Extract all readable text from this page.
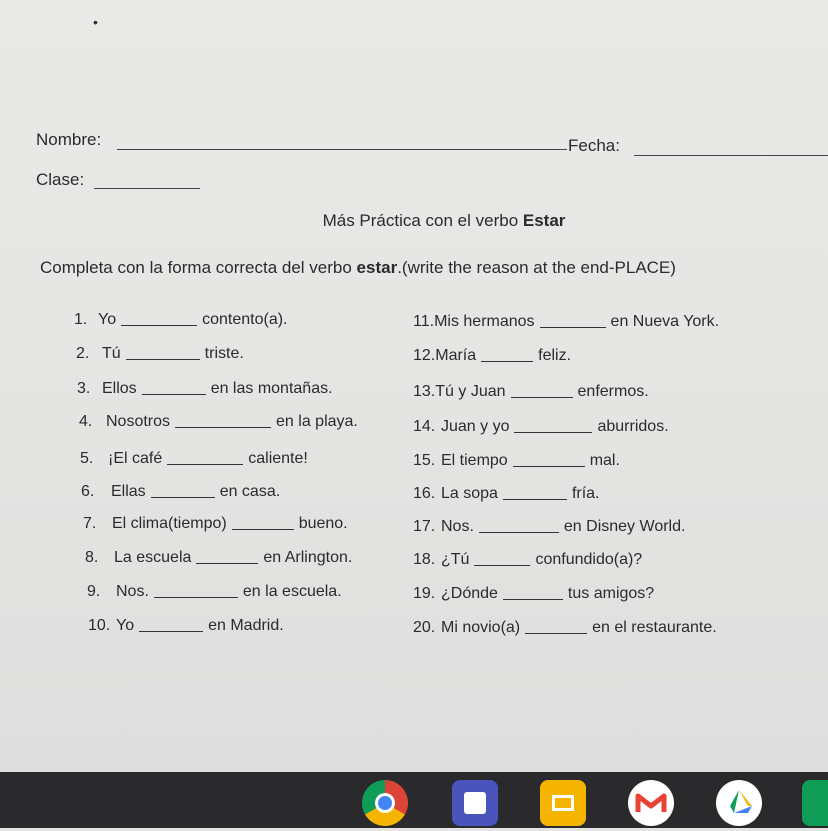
•
Nombre:	Fecha:
Clase:
Más Práctica con el verbo Estar
Completa con la forma correcta del verbo estar.(write the reason at the end-PLACE)
1. Yo	contento(a).
2. Tú	triste.
3. Ellos	en las montañas.
4. Nosotros	en la playa.
5. ¡El café	caliente!
6.	Ellas	en casa.
7. El clima(tiempo)	bueno.
8. La escuela	en Arlington.
9. Nos.	en la escuela.
10. Yo	en Madrid.
11. Mis hermanos	en Nueva York.
12. María	feliz.
13. Tú y Juan	enfermos.
14. Juan y yo	aburridos.
15. El tiempo	mal.
16. La sopa	fría.
17. Nos.	en Disney World.
18. ¿Tú	confundido(a)?
19. ¿Dónde	tus amigos?
20. Mi novio(a)	en el restaurante.
